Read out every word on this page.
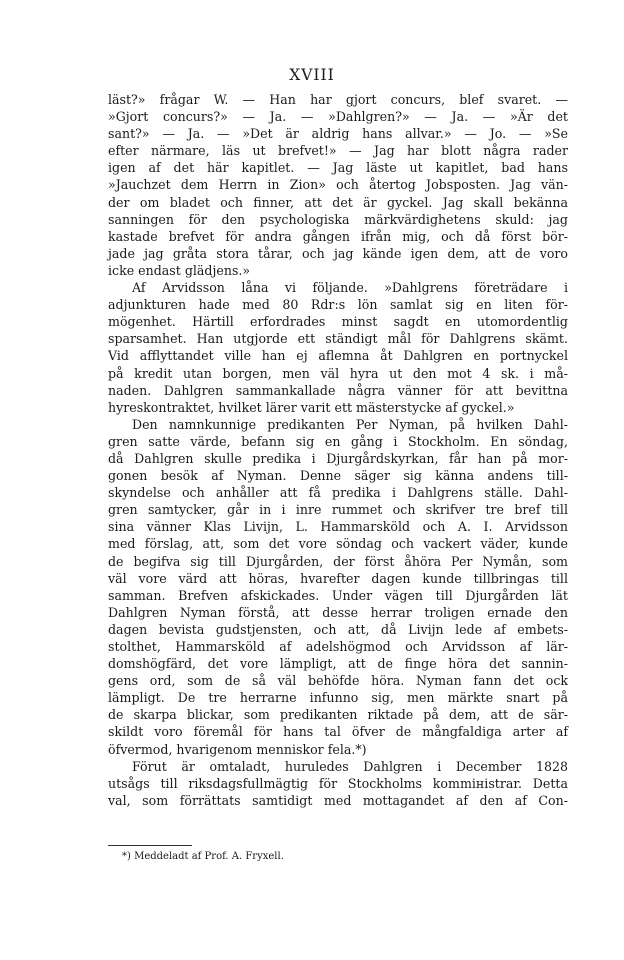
XVIII
läst?» frågar W. — Han har gjort concurs, blef svaret. —
»Gjort concurs?» — Ja. — »Dahlgren?» — Ja. — »Är det
sant?» — Ja. — »Det är aldrig hans allvar.» — Jo. — »Se
efter närmare, läs ut brefvet!» — Jag har blott några rader
igen af det här kapitlet. — Jag läste ut kapitlet, bad hans
»Jauchzet dem Herrn in Zion» och återtog Jobsposten. Jag vän-
der om bladet och finner, att det är gyckel. Jag skall bekänna
sanningen för den psychologiska märkvärdighetens skuld: jag
kastade brefvet för andra gången ifrån mig, och då först bör-
jade jag gråta stora tårar, och jag kände igen dem, att de voro
icke endast glädjens.»
Af Arvidsson låna vi följande. »Dahlgrens företrädare i
adjunkturen hade med 80 Rdr:s lön samlat sig en liten för-
mögenhet. Härtill erfordrades minst sagdt en utomordentlig
sparsamhet. Han utgjorde ett ständigt mål för Dahlgrens skämt.
Vid afflyttandet ville han ej aflemna åt Dahlgren en portnyckel
på kredit utan borgen, men väl hyra ut den mot 4 sk. i må-
naden. Dahlgren sammankallade några vänner för att bevittna
hyreskontraktet, hvilket lärer varit ett mästerstycke af gyckel.»
Den namnkunnige predikanten Per Nyman, på hvilken Dahl-
gren satte värde, befann sig en gång i Stockholm. En söndag,
då Dahlgren skulle predika i Djurgårdskyrkan, får han på mor-
gonen besök af Nyman. Denne säger sig känna andens till-
skyndelse och anhåller att få predika i Dahlgrens ställe. Dahl-
gren samtycker, går in i inre rummet och skrifver tre bref till
sina vänner Klas Livijn, L. Hammarsköld och A. I. Arvidsson
med förslag, att, som det vore söndag och vackert väder, kunde
de begifva sig till Djurgården, der först åhöra Per Nymån, som
väl vore värd att höras, hvarefter dagen kunde tillbringas till
samman. Brefven afskickades. Under vägen till Djurgården lät
Dahlgren Nyman förstå, att desse herrar troligen ernade den
dagen bevista gudstjensten, och att, då Livijn lede af embets-
stolthet, Hammarsköld af adelshögmod och Arvidsson af lär-
domshögfärd, det vore lämpligt, att de finge höra det sannin-
gens ord, som de så väl behöfde höra. Nyman fann det ock
lämpligt. De tre herrarne infunno sig, men märkte snart på
de skarpa blickar, som predikanten riktade på dem, att de sär-
skildt voro föremål för hans tal öfver de mångfaldiga arter af
öfvermod, hvarigenom menniskor fela.*)
Förut är omtaladt, huruledes Dahlgren i December 1828
utsågs till riksdagsfullmägtig för Stockholms kommінistrar. Detta
val, som förrättats samtidigt med mottagandet af den af Con-
*) Meddeladt af Prof. A. Fryxell.
